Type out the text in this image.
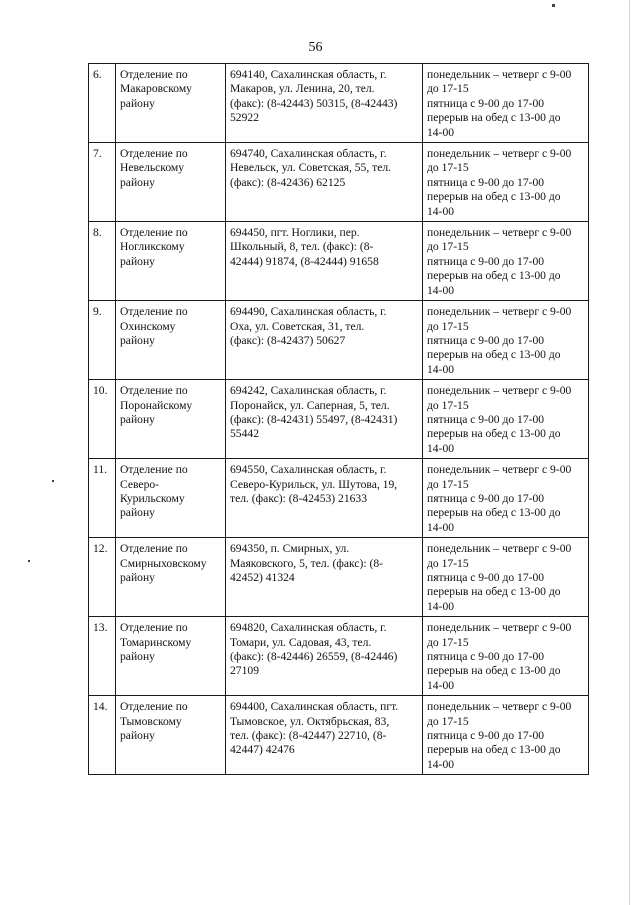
56
6.	Отделение по
Макаровскому
району	694140, Сахалинская область, г.
Макаров, ул. Ленина, 20, тел.
(факс): (8-42443) 50315, (8-42443)
52922	понедельник – четверг с 9-00
до 17-15
пятница с 9-00 до 17-00
перерыв на обед с 13-00 до
14-00

7.	Отделение по
Невельскому
району	694740, Сахалинская область, г.
Невельск, ул. Советская, 55, тел.
(факс): (8-42436) 62125	понедельник – четверг с 9-00
до 17-15
пятница с 9-00 до 17-00
перерыв на обед с 13-00 до
14-00

8.	Отделение по
Ногликскому
району	694450, пгт. Ноглики, пер.
Школьный, 8, тел. (факс): (8-
42444) 91874, (8-42444) 91658	понедельник – четверг с 9-00
до 17-15
пятница с 9-00 до 17-00
перерыв на обед с 13-00 до
14-00

9.	Отделение по
Охинскому
району	694490, Сахалинская область, г.
Оха, ул. Советская, 31, тел.
(факс): (8-42437) 50627	понедельник – четверг с 9-00
до 17-15
пятница с 9-00 до 17-00
перерыв на обед с 13-00 до
14-00

10.	Отделение по
Поронайскому
району	694242, Сахалинская область, г.
Поронайск, ул. Саперная, 5, тел.
(факс): (8-42431) 55497, (8-42431)
55442	понедельник – четверг с 9-00
до 17-15
пятница с 9-00 до 17-00
перерыв на обед с 13-00 до
14-00

11.	Отделение по
Северо-
Курильскому
району	694550, Сахалинская область, г.
Северо-Курильск, ул. Шутова, 19,
тел. (факс): (8-42453) 21633	понедельник – четверг с 9-00
до 17-15
пятница с 9-00 до 17-00
перерыв на обед с 13-00 до
14-00

12.	Отделение по
Смирныховскому
району	694350, п. Смирных, ул.
Маяковского, 5, тел. (факс): (8-
42452) 41324	понедельник – четверг с 9-00
до 17-15
пятница с 9-00 до 17-00
перерыв на обед с 13-00 до
14-00

13.	Отделение по
Томаринскому
району	694820, Сахалинская область, г.
Томари, ул. Садовая, 43, тел.
(факс): (8-42446) 26559, (8-42446)
27109	понедельник – четверг с 9-00
до 17-15
пятница с 9-00 до 17-00
перерыв на обед с 13-00 до
14-00

14.	Отделение по
Тымовскому
району	694400, Сахалинская область, пгт.
Тымовское, ул. Октябрьская, 83,
тел. (факс): (8-42447) 22710, (8-
42447) 42476	понедельник – четверг с 9-00
до 17-15
пятница с 9-00 до 17-00
перерыв на обед с 13-00 до
14-00
